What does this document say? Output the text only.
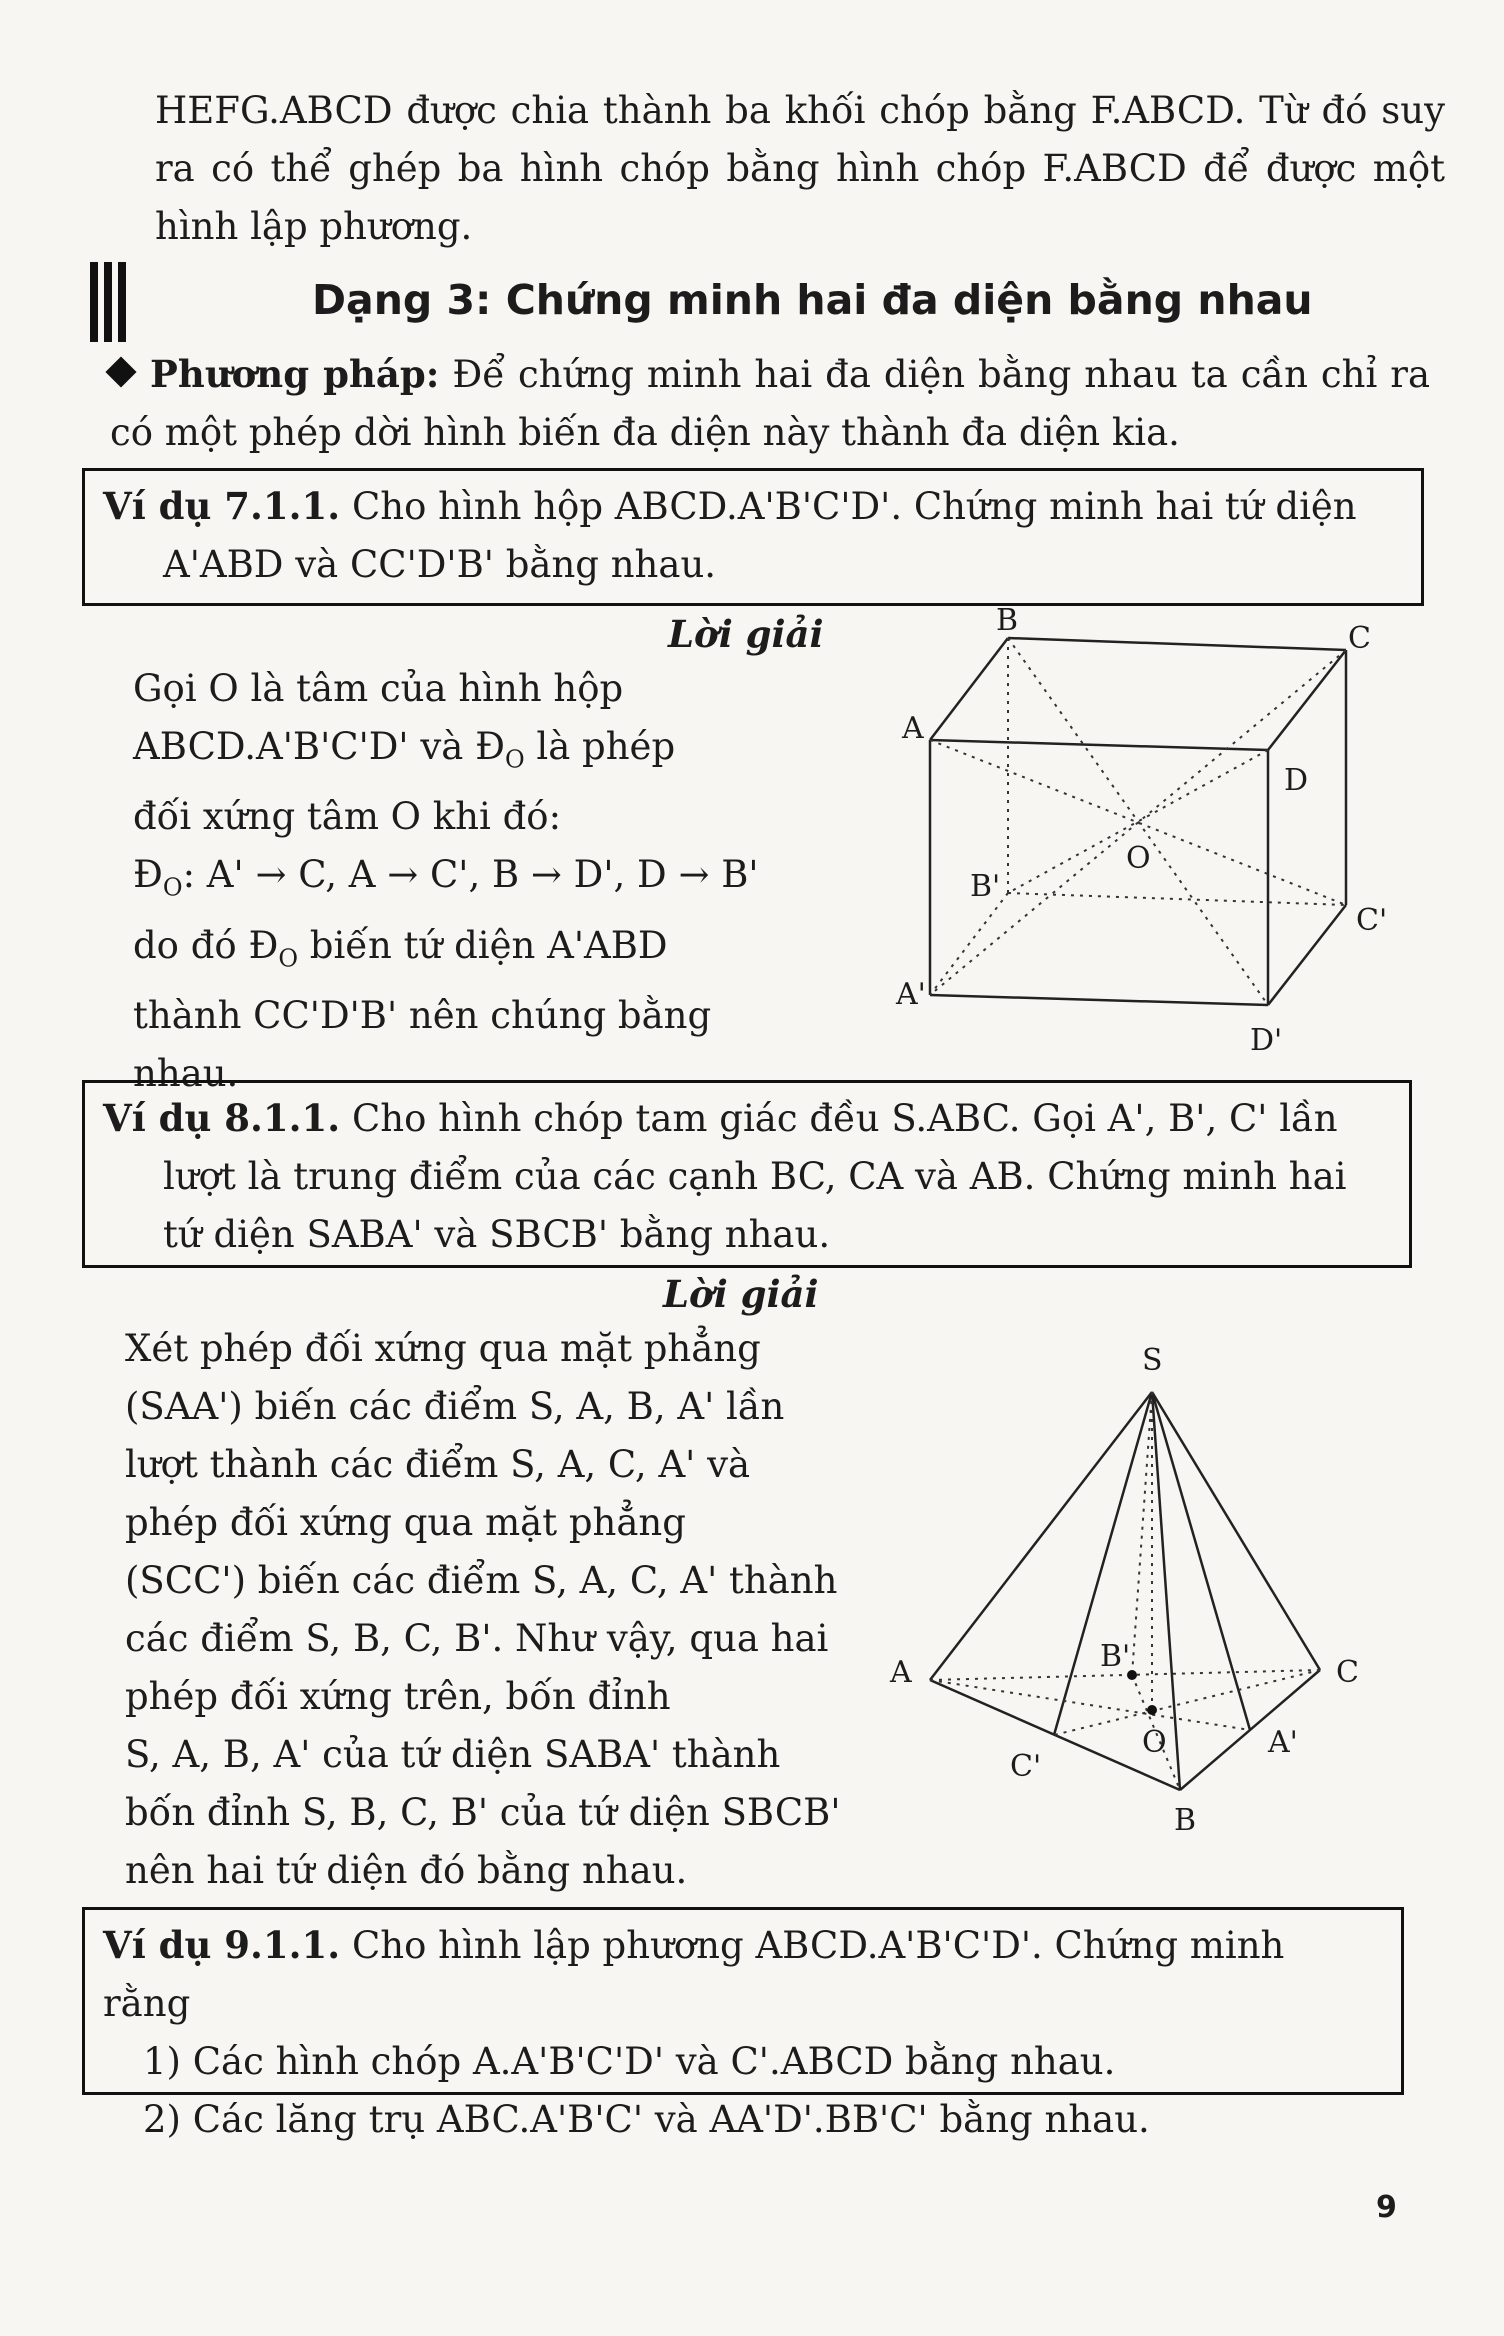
HEFG.ABCD được chia thành ba khối chóp bằng F.ABCD. Từ đó suy ra có thể ghép ba hình chóp bằng hình chóp F.ABCD để được một hình lập phương.

Dạng 3: Chứng minh hai đa diện bằng nhau

Phương pháp: Để chứng minh hai đa diện bằng nhau ta cần chỉ ra có một phép dời hình biến đa diện này thành đa diện kia.

Ví dụ 7.1.1. Cho hình hộp ABCD.A'B'C'D'. Chứng minh hai tứ diện
A'ABD và CC'D'B' bằng nhau.
Lời giải
Gọi O là tâm của hình hộp
ABCD.A'B'C'D' và $Đ_O$ là phép
đối xứng tâm O khi đó:
$Đ_O$: A' → C, A → C', B → D', D → B'
do đó $Đ_O$ biến tứ diện A'ABD
thành CC'D'B' nên chúng bằng
nhau.
B
C
A
D
O
B'
C'
A'
D'
Ví dụ 8.1.1. Cho hình chóp tam giác đều S.ABC. Gọi A', B', C' lần
lượt là trung điểm của các cạnh BC, CA và AB. Chứng minh hai
tứ diện SABA' và SBCB' bằng nhau.
Lời giải
Xét phép đối xứng qua mặt phẳng
(SAA') biến các điểm S, A, B, A' lần
lượt thành các điểm S, A, C, A' và
phép đối xứng qua mặt phẳng
(SCC') biến các điểm S, A, C, A' thành
các điểm S, B, C, B'. Như vậy, qua hai
phép đối xứng trên, bốn đỉnh
S, A, B, A' của tứ diện SABA' thành
bốn đỉnh S, B, C, B' của tứ diện SBCB'
nên hai tứ diện đó bằng nhau.
S
A	C
B'
O
C'
A'
B
Ví dụ 9.1.1. Cho hình lập phương ABCD.A'B'C'D'. Chứng minh rằng
1) Các hình chóp A.A'B'C'D' và C'.ABCD bằng nhau.
2) Các lăng trụ ABC.A'B'C' và AA'D'.BB'C' bằng nhau.
9
